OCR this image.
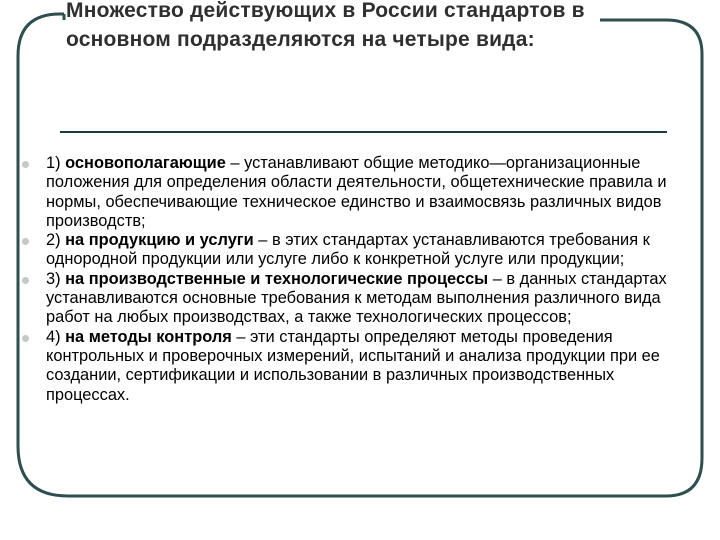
Множество действующих в России стандартов в основном подразделяются на четыре вида:
1) основополагающие – устанавливают общие методико—организационные положения для определения области деятельности, общетехнические правила и нормы, обеспечивающие техническое единство и взаимосвязь различных видов производств;
2) на продукцию и услуги – в этих стандартах устанавливаются требования к однородной продукции или услуге либо к конкретной услуге или продукции;
3) на производственные и технологические процессы – в данных стандартах устанавливаются основные требования к методам выполнения различного вида работ на любых производствах, а также технологических процессов;
4) на методы контроля – эти стандарты определяют методы проведения контрольных и проверочных измерений, испытаний и анализа продукции при ее создании, сертификации и использовании в различных производственных процессах.
